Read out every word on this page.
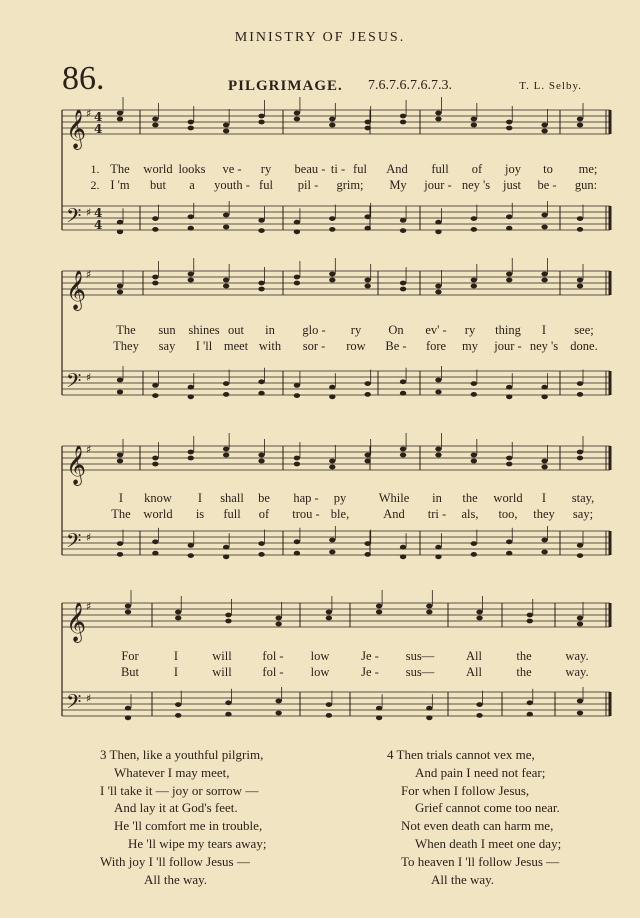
MINISTRY OF JESUS.
86.	PILGRIMAGE. 7.6.7.6.7.6.7.3.	T. L. Selby.
𝄞
𝄢
♯
♯
4
4
4
4
𝄞
𝄢
♯
♯
𝄞
𝄢
♯
♯
𝄞
𝄢
♯
♯
1. The world looks ve - ry beau - ti - ful And full of joy to me;
2. I 'm but a youth - ful pil - grim; My jour - ney 's just be - gun:
The sun shines out in glo - ry On ev' - ry thing I see;
They say I 'll meet with sor - row Be - fore my jour - ney 's done.
I know I shall be hap - py	While in the world I stay,
The world is full of trou - ble,	And tri - als, too, they say;
For	I	will fol - low	Je - sus—	All	the	way.
But	I	will fol - low	Je - sus—	All	the	way.
3 Then, like a youthful pilgrim,
Whatever I may meet,
I 'll take it — joy or sorrow —
And lay it at God's feet.
He 'll comfort me in trouble,
He 'll wipe my tears away;
With joy I 'll follow Jesus —
All the way.
4 Then trials cannot vex me,
And pain I need not fear;
For when I follow Jesus,
Grief cannot come too near.
Not even death can harm me,
When death I meet one day;
To heaven I 'll follow Jesus —
All the way.
